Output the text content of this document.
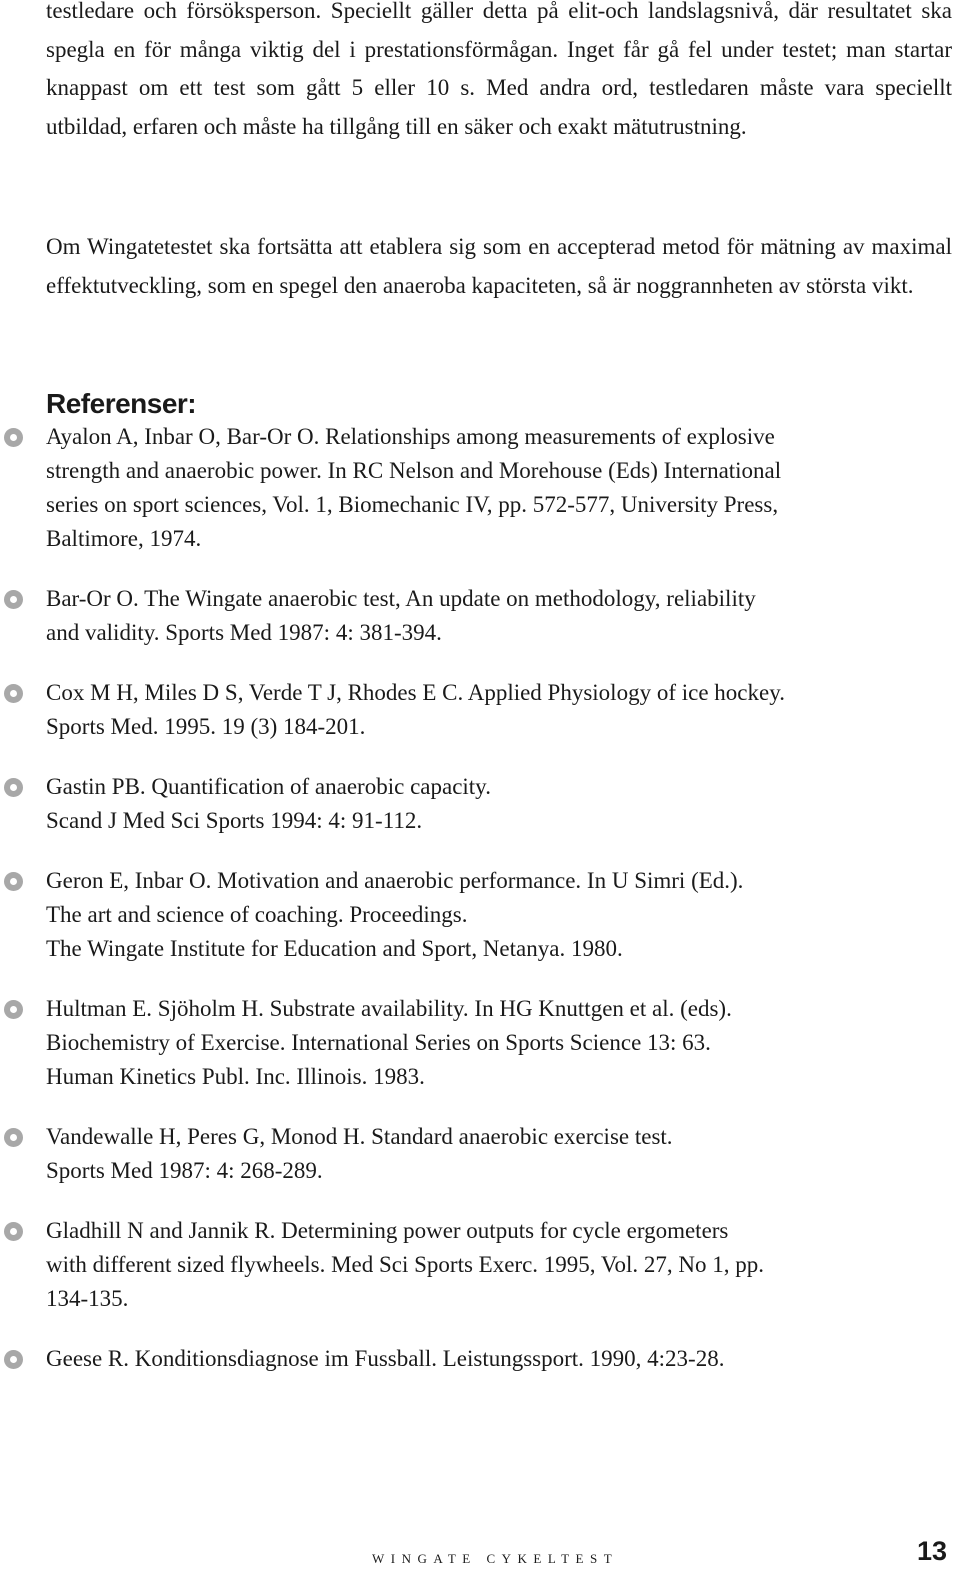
testledare och försöksperson. Speciellt gäller detta på elit-och landslagsnivå, där resultatet ska spegla en för många viktig del i prestationsförmågan. Inget får gå fel under testet; man startar knappast om ett test som gått 5 eller 10 s. Med andra ord, testledaren måste vara speciellt utbildad, erfaren och måste ha tillgång till en säker och exakt mätutrustning.

Om Wingatetestet ska fortsätta att etablera sig som en accepterad metod för mätning av maximal effektutveckling, som en spegel den anaeroba kapaciteten, så är noggrannheten av största vikt.

Referenser:
Ayalon A, Inbar O, Bar-Or O. Relationships among measurements of explosive
strength and anaerobic power. In RC Nelson and Morehouse (Eds) International
series on sport sciences, Vol. 1, Biomechanic IV, pp. 572-577, University Press,
Baltimore, 1974.
Bar-Or O. The Wingate anaerobic test, An update on methodology, reliability
and validity. Sports Med 1987: 4: 381-394.
Cox M H, Miles D S, Verde T J, Rhodes E C. Applied Physiology of ice hockey.
Sports Med. 1995. 19 (3) 184-201.
Gastin PB. Quantification of anaerobic capacity.
Scand J Med Sci Sports 1994: 4: 91-112.
Geron E, Inbar O. Motivation and anaerobic performance. In U Simri (Ed.).
The art and science of coaching. Proceedings.
The Wingate Institute for Education and Sport, Netanya. 1980.
Hultman E. Sjöholm H. Substrate availability. In HG Knuttgen et al. (eds).
Biochemistry of Exercise. International Series on Sports Science 13: 63.
Human Kinetics Publ. Inc. Illinois. 1983.
Vandewalle H, Peres G, Monod H. Standard anaerobic exercise test.
Sports Med 1987: 4: 268-289.
Gladhill N and Jannik R. Determining power outputs for cycle ergometers
with different sized flywheels. Med Sci Sports Exerc. 1995, Vol. 27, No 1, pp.
134-135.
Geese R. Konditionsdiagnose im Fussball. Leistungssport. 1990, 4:23-28.
WINGATE CYKELTEST	13
